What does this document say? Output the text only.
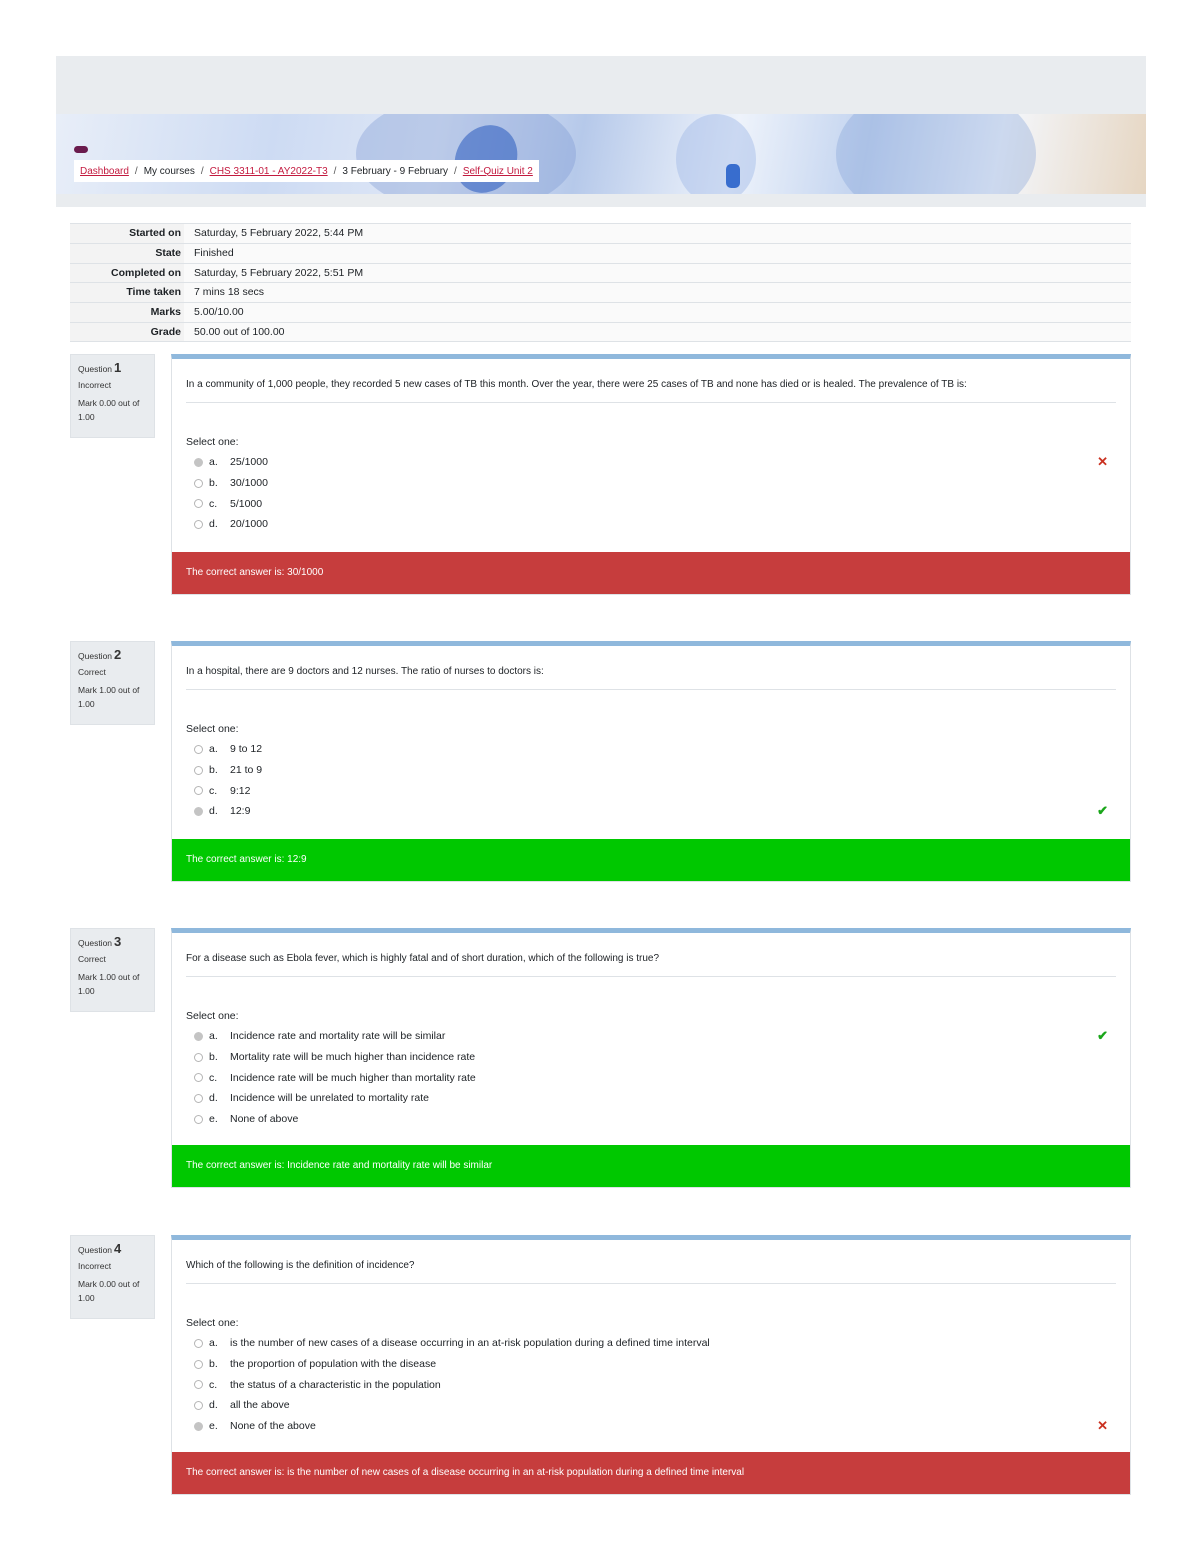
Dashboard / My courses / CHS 3311-01 - AY2022-T3 / 3 February - 9 February / Self-Quiz Unit 2
Started on	Saturday, 5 February 2022, 5:44 PM
State	Finished
Completed on	Saturday, 5 February 2022, 5:51 PM
Time taken	7 mins 18 secs
Marks	5.00/10.00
Grade	50.00 out of 100.00
Question 1
Incorrect
Mark 0.00 out of 1.00
In a community of 1,000 people, they recorded 5 new cases of TB this month. Over the year, there were 25 cases of TB and none has died or is healed. The prevalence of TB is:
Select one:
a.	25/1000	✕
b.	30/1000
c.	5/1000
d.	20/1000
The correct answer is: 30/1000
Question 2
Correct
Mark 1.00 out of 1.00
In a hospital, there are 9 doctors and 12 nurses. The ratio of nurses to doctors is:
Select one:
a.	9 to 12
b.	21 to 9
c.	9:12
d.	12:9	✔
The correct answer is: 12:9
Question 3
Correct
Mark 1.00 out of 1.00
For a disease such as Ebola fever, which is highly fatal and of short duration, which of the following is true?
Select one:
a.	Incidence rate and mortality rate will be similar	✔
b.	Mortality rate will be much higher than incidence rate
c.	Incidence rate will be much higher than mortality rate
d.	Incidence will be unrelated to mortality rate
e.	None of above
The correct answer is: Incidence rate and mortality rate will be similar
Question 4
Incorrect
Mark 0.00 out of 1.00
Which of the following is the definition of incidence?
Select one:
a.	is the number of new cases of a disease occurring in an at-risk population during a defined time interval
b.	the proportion of population with the disease
c.	the status of a characteristic in the population
d.	all the above
e.	None of the above	✕
The correct answer is: is the number of new cases of a disease occurring in an at-risk population during a defined time interval
